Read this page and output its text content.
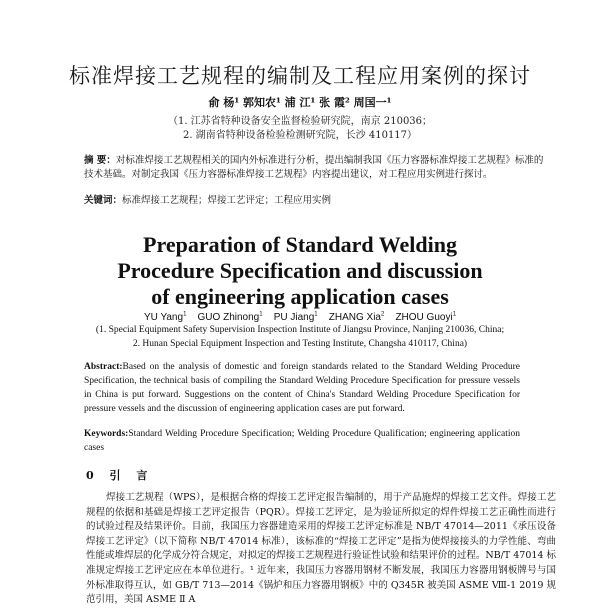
标准焊接工艺规程的编制及工程应用案例的探讨
俞 杨¹ 郭知农¹ 浦 江¹ 张 霞² 周国一¹
（1. 江苏省特种设备安全监督检验研究院，南京 210036；
2. 湖南省特种设备检验检测研究院，长沙 410117）
摘 要：对标准焊接工艺规程相关的国内外标准进行分析，提出编制我国《压力容器标准焊接工艺规程》标准的技术基础。对制定我国《压力容器标准焊接工艺规程》内容提出建议，对工程应用实例进行探讨。
关键词：标准焊接工艺规程；焊接工艺评定；工程应用实例
Preparation of Standard Welding
Procedure Specification and discussion
of engineering application cases
YU Yang$^1$ GUO Zhinong$^1$ PU Jiang$^1$ ZHANG Xia$^2$ ZHOU Guoyi$^1$
(1. Special Equipment Safety Supervision Inspection Institute of Jiangsu Province, Nanjing 210036, China;
2. Hunan Special Equipment Inspection and Testing Institute, Changsha 410117, China)
Abstract:Based on the analysis of domestic and foreign standards related to the Standard Welding Procedure Specification, the technical basis of compiling the Standard Welding Procedure Specification for pressure vessels in China is put forward. Suggestions on the content of China's Standard Welding Procedure Specification for pressure vessels and the discussion of engineering application cases are put forward.
Keywords:Standard Welding Procedure Specification; Welding Procedure Qualification; engineering application cases
0 引 言
焊接工艺规程（WPS），是根据合格的焊接工艺评定报告编制的，用于产品施焊的焊接工艺文件。焊接工艺规程的依据和基础是焊接工艺评定报告（PQR）。焊接工艺评定，是为验证所拟定的焊件焊接工艺正确性而进行的试验过程及结果评价。目前，我国压力容器建造采用的焊接工艺评定标准是 NB/T 47014—2011《承压设备焊接工艺评定》（以下简称 NB/T 47014 标准），该标准的“焊接工艺评定”是指为使焊接接头的力学性能、弯曲性能或堆焊层的化学成分符合规定，对拟定的焊接工艺规程进行验证性试验和结果评价的过程。NB/T 47014 标准规定焊接工艺评定应在本单位进行。¹ 近年来，我国压力容器用钢材不断发展，我国压力容器用钢板牌号与国外标准取得互认，如 GB/T 713—2014《锅炉和压力容器用钢板》中的 Q345R 被美国 ASME Ⅷ-1 2019 规范引用，美国 ASME Ⅱ A
